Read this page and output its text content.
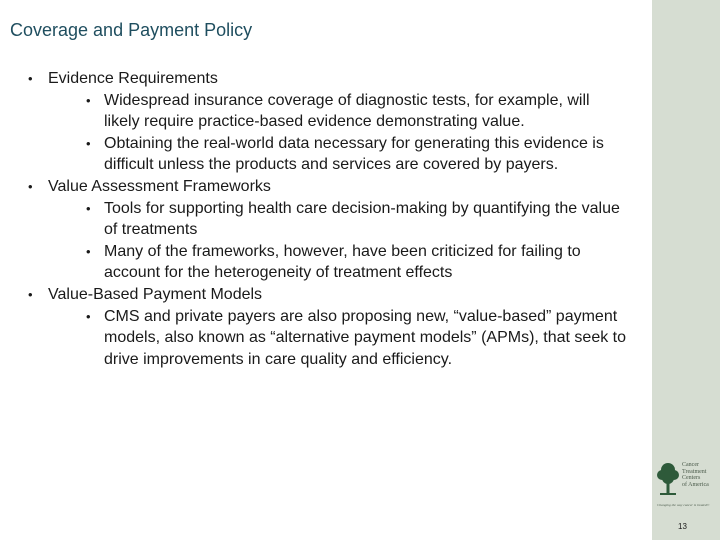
Coverage and Payment Policy
• Evidence Requirements
• Widespread insurance coverage of diagnostic tests, for example, will likely require practice-based evidence demonstrating value.
• Obtaining the real-world data necessary for generating this evidence is difficult unless the products and services are covered by payers.
• Value Assessment Frameworks
• Tools for supporting health care decision-making by quantifying the value of treatments
• Many of the frameworks, however, have been criticized for failing to account for the heterogeneity of treatment effects
• Value-Based Payment Models
• CMS and private payers are also proposing new, “value-based” payment models, also known as “alternative payment models” (APMs), that seek to drive improvements in care quality and efficiency.
Cancer
Treatment
Centers
of America
Changing the way cancer is treated®
13
